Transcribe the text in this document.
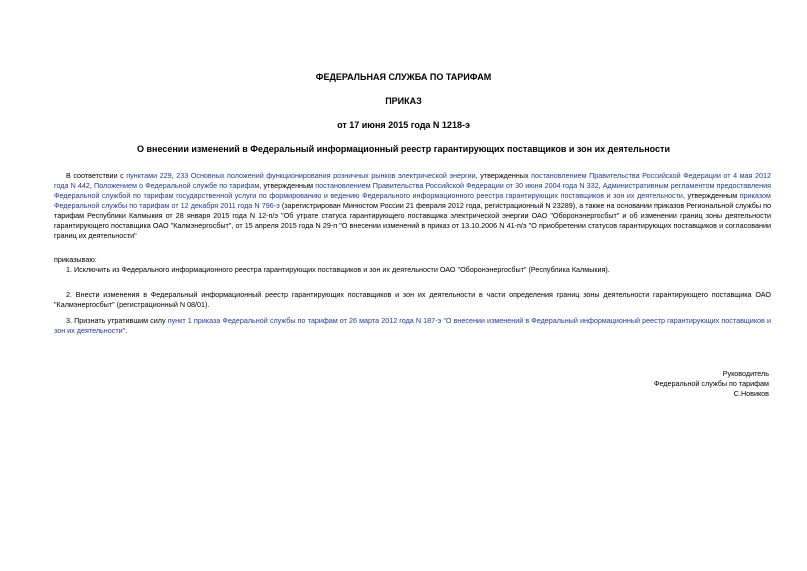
ФЕДЕРАЛЬНАЯ СЛУЖБА ПО ТАРИФАМ

ПРИКАЗ

от 17 июня 2015 года N 1218-э

О внесении изменений в Федеральный информационный реестр гарантирующих поставщиков и зон их деятельности

В соответствии с пунктами 229, 233 Основных положений функционирования розничных рынков электрической энергии, утвержденных постановлением Правительства Российской Федерации от 4 мая 2012 года N 442, Положением о Федеральной службе по тарифам, утвержденным постановлением Правительства Российской Федерации от 30 июня 2004 года N 332, Административным регламентом предоставления Федеральной службой по тарифам государственной услуги по формированию и ведению Федерального информационного реестра гарантирующих поставщиков и зон их деятельности, утвержденным приказом Федеральной службы по тарифам от 12 декабря 2011 года N 796-э (зарегистрирован Минюстом России 21 февраля 2012 года, регистрационный N 23289), а также на основании приказов Региональной службы по тарифам Республики Калмыкия от 28 января 2015 года N 12-п/э "Об утрате статуса гарантирующего поставщика электрической энергии ОАО "Оборонэнергосбыт" и об изменении границ зоны деятельности гарантирующего поставщика ОАО "Калмэнергосбыт", от 15 апреля 2015 года N 29-п "О внесении изменений в приказ от 13.10.2006 N 41-п/э "О приобретении статусов гарантирующих поставщиков и согласовании границ их деятельности"

приказываю:

1. Исключить из Федерального информационного реестра гарантирующих поставщиков и зон их деятельности ОАО "Оборонэнергосбыт" (Республика Калмыкия).

2. Внести изменения в Федеральный информационный реестр гарантирующих поставщиков и зон их деятельности в части определения границ зоны деятельности гарантирующего поставщика ОАО "Калмэнергосбыт" (регистрационный N 08/01).

3. Признать утратившим силу пункт 1 приказа Федеральной службы по тарифам от 26 марта 2012 года N 187-э "О внесении изменений в Федеральный информационный реестр гарантирующих поставщиков и зон их деятельности".

Руководитель
Федеральной службы по тарифам
С.Новиков
